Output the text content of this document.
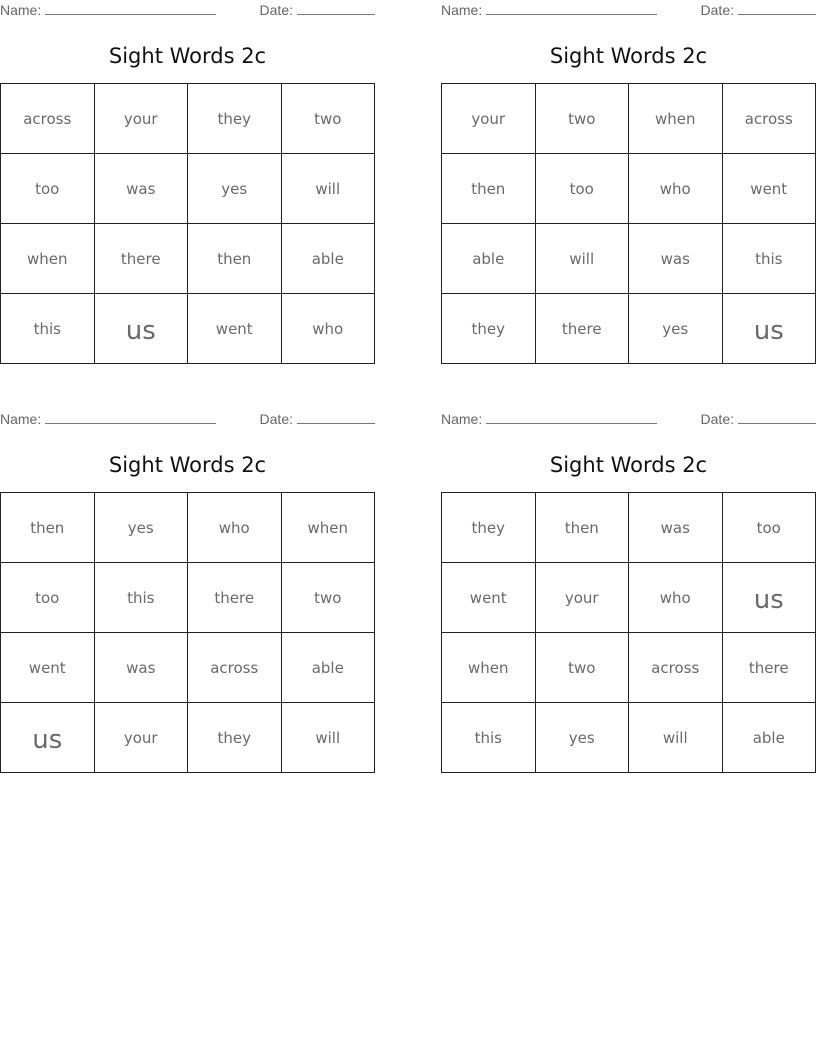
Name:	Date:
Sight Words 2c
across	your	they	two
too	was	yes	will
when	there	then	able
this	us	went	who
Name:	Date:
Sight Words 2c
your	two	when	across
then	too	who	went
able	will	was	this
they	there	yes	us
Name:	Date:
Sight Words 2c
then	yes	who	when
too	this	there	two
went	was	across	able
us	your	they	will
Name:	Date:
Sight Words 2c
they	then	was	too
went	your	who	us
when	two	across	there
this	yes	will	able
